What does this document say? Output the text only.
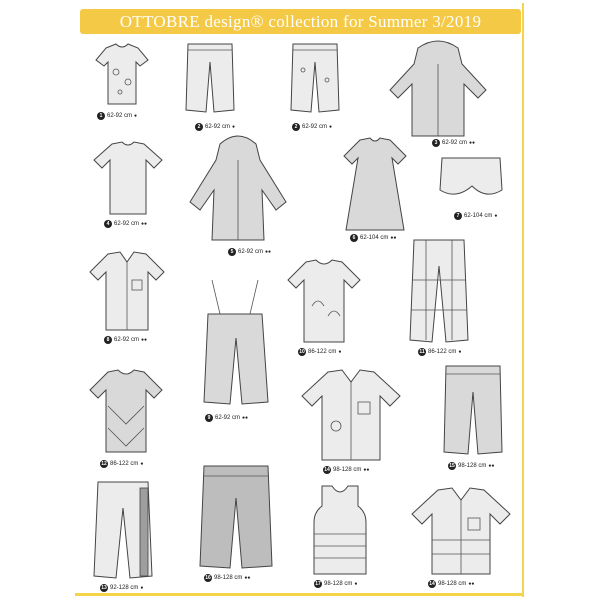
OTTOBRE design® collection for Summer 3/2019
1 62-92 cm ●
2 62-92 cm ●	2 62-92 cm ●
3 62-92 cm ●●
4 62-92 cm ●●
5 62-92 cm ●●
6 62-104 cm ●●
7 62-104 cm ●
8 62-92 cm ●●
9 62-92 cm ●●
10 86-122 cm ●	11 86-122 cm ●
12 86-122 cm ●
14 98-128 cm ●●
15 98-128 cm ●●
13 92-128 cm ●
16 98-128 cm ●●
17 98-128 cm ●	14 98-128 cm ●●
